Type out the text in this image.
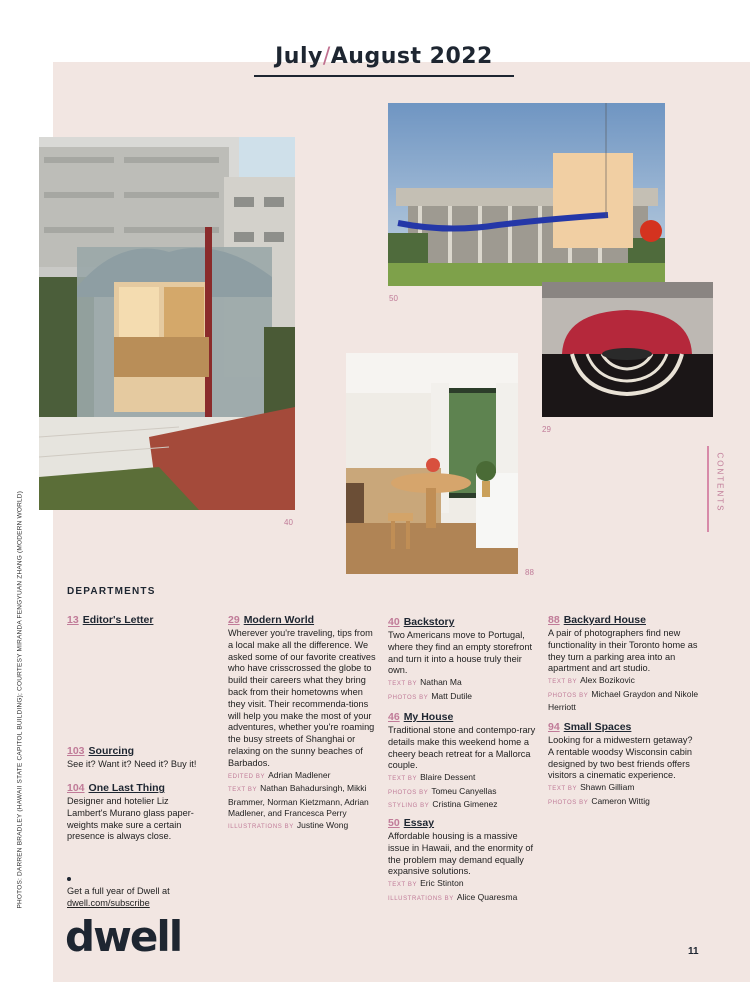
July/August 2022
40
50
29
88
CONTENTS
PHOTOS: DARREN BRADLEY (HAWAII STATE CAPITOL BUILDING); COURTESY MIRANDA FENGYUAN ZHANG (MODERN WORLD)	DEPARTMENTS
13 Editor's Letter
103 Sourcing
See it? Want it? Need it? Buy it!
104 One Last Thing
Designer and hotelier Liz Lambert's Murano glass paper-weights make sure a certain presence is always close.
29 Modern World
Wherever you're traveling, tips from a local make all the difference. We asked some of our favorite creatives who have crisscrossed the globe to build their careers what they bring back from their hometowns when they visit. Their recommenda-tions will help you make the most of your adventures, whether you're roaming the busy streets of Shanghai or relaxing on the sunny beaches of Barbados.
EDITED BY Adrian Madlener
TEXT BY Nathan Bahadursingh, Mikki Brammer, Norman Kietzmann, Adrian Madlener, and Francesca Perry
ILLUSTRATIONS BY Justine Wong
40 Backstory
Two Americans move to Portugal, where they find an empty storefront and turn it into a house truly their own.
TEXT BY Nathan Ma
PHOTOS BY Matt Dutile
46 My House
Traditional stone and contempo-rary details make this weekend home a cheery beach retreat for a Mallorca couple.
TEXT BY Blaire Dessent
PHOTOS BY Tomeu Canyellas
STYLING BY Cristina Gimenez
50 Essay
Affordable housing is a massive issue in Hawaii, and the enormity of the problem may demand equally expansive solutions.
TEXT BY Eric Stinton
ILLUSTRATIONS BY Alice Quaresma
88 Backyard House
A pair of photographers find new functionality in their Toronto home as they turn a parking area into an apartment and art studio.
TEXT BY Alex Bozikovic
PHOTOS BY Michael Graydon and Nikole Herriott
94 Small Spaces
Looking for a midwestern getaway? A rentable woodsy Wisconsin cabin designed by two best friends offers visitors a cinematic experience.
TEXT BY Shawn Gilliam
PHOTOS BY Cameron Wittig
Get a full year of Dwell at
dwell.com/subscribe
dwell	11
